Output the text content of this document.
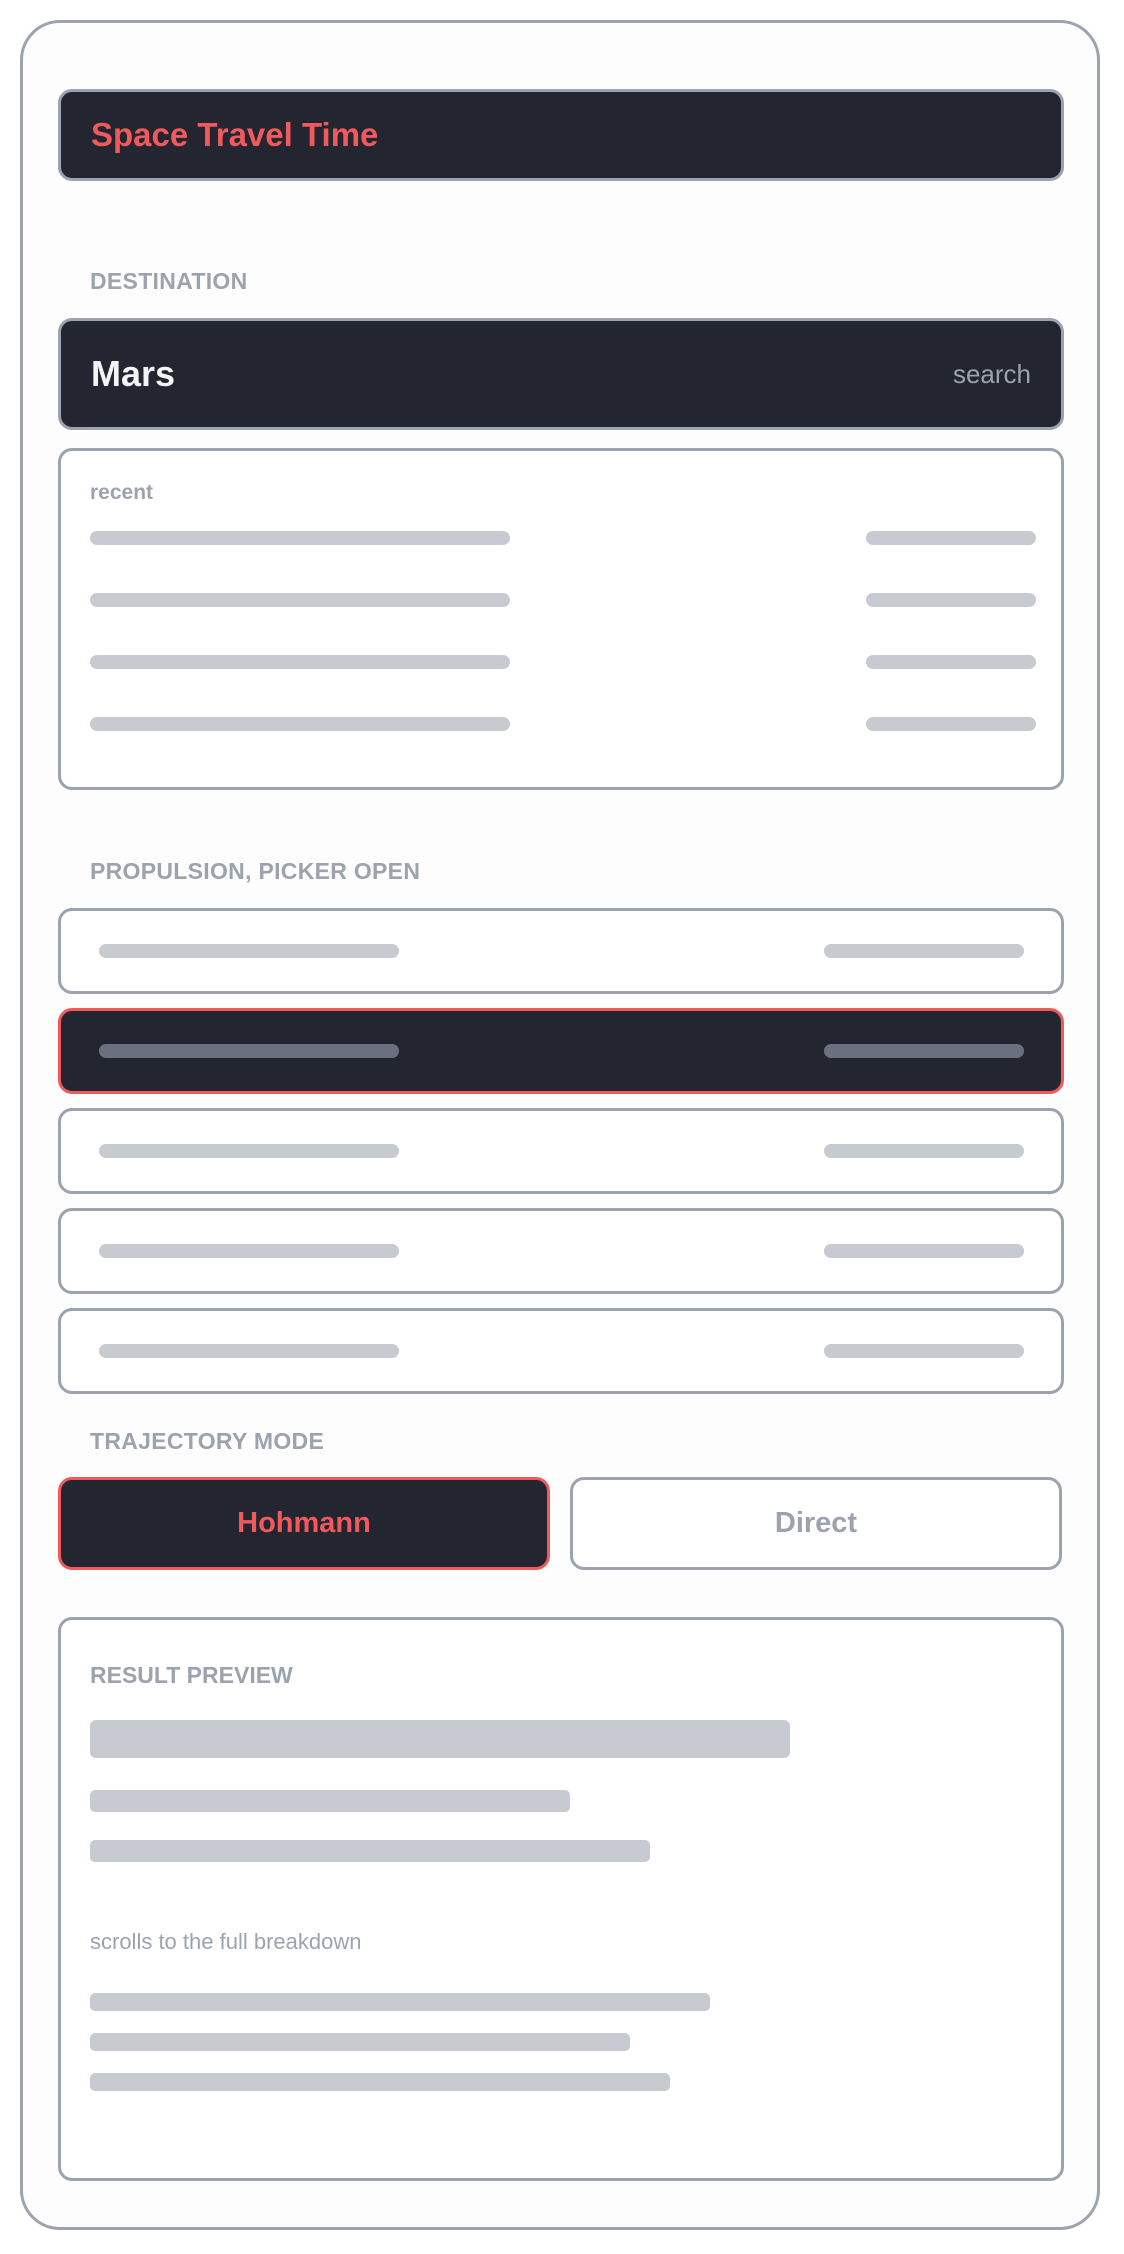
Space Travel Time
DESTINATION
Mars	search
recent
PROPULSION, PICKER OPEN
TRAJECTORY MODE
Hohmann	Direct
RESULT PREVIEW
scrolls to the full breakdown
